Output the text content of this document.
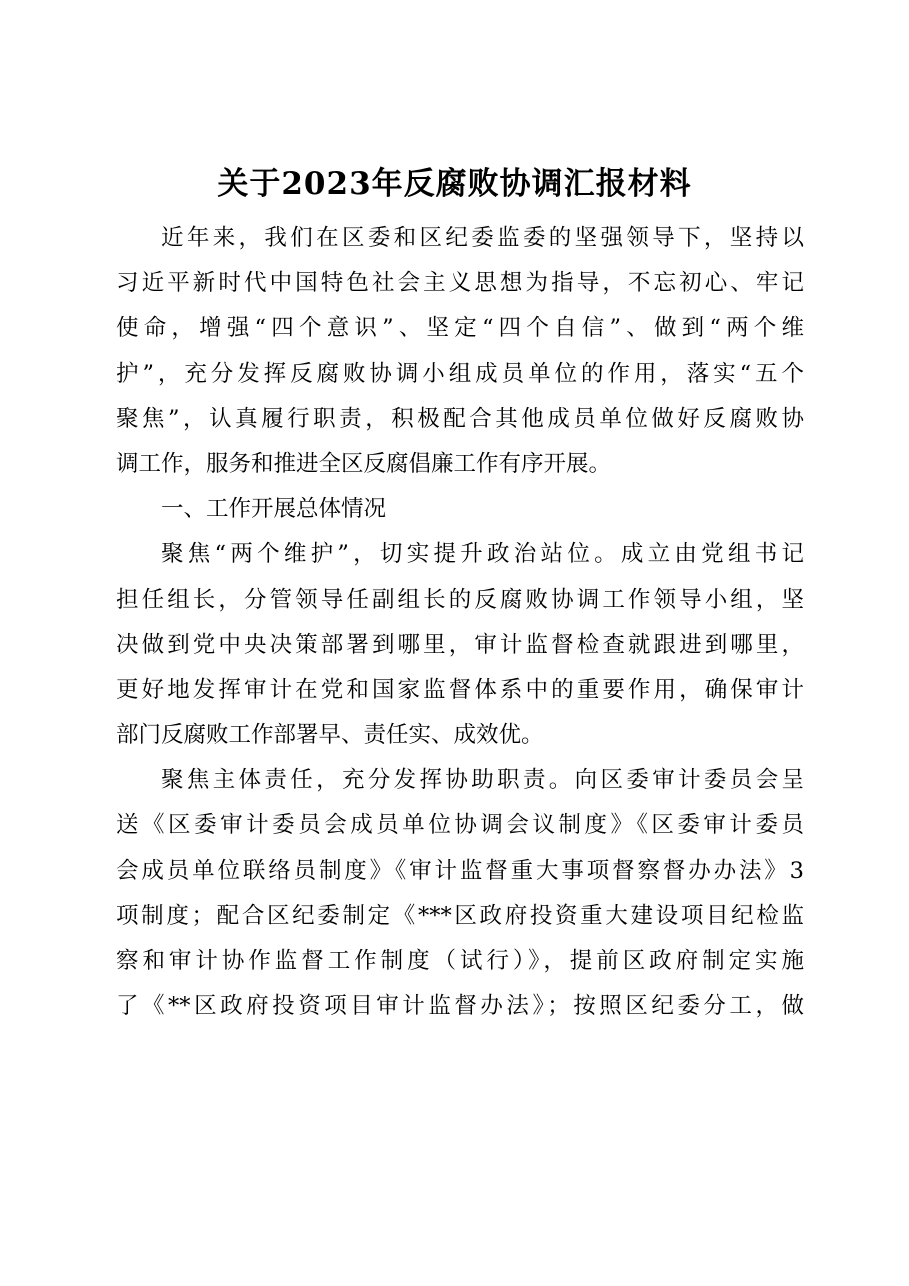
关于2023年反腐败协调汇报材料
近年来，我们在区委和区纪委监委的坚强领导下，坚持以
习近平新时代中国特色社会主义思想为指导，不忘初心、牢记
使命，增强“四个意识”、坚定“四个自信”、做到“两个维
护”，充分发挥反腐败协调小组成员单位的作用，落实“五个
聚焦”，认真履行职责，积极配合其他成员单位做好反腐败协
调工作，服务和推进全区反腐倡廉工作有序开展。
一、工作开展总体情况
聚焦“两个维护”，切实提升政治站位。成立由党组书记
担任组长，分管领导任副组长的反腐败协调工作领导小组，坚
决做到党中央决策部署到哪里，审计监督检查就跟进到哪里，
更好地发挥审计在党和国家监督体系中的重要作用，确保审计
部门反腐败工作部署早、责任实、成效优。
聚焦主体责任，充分发挥协助职责。向区委审计委员会呈
送《区委审计委员会成员单位协调会议制度》《区委审计委员
会成员单位联络员制度》《审计监督重大事项督察督办办法》3
项制度；配合区纪委制定《***区政府投资重大建设项目纪检监
察和审计协作监督工作制度（试行）》，提前区政府制定实施
了《**区政府投资项目审计监督办法》；按照区纪委分工，做
